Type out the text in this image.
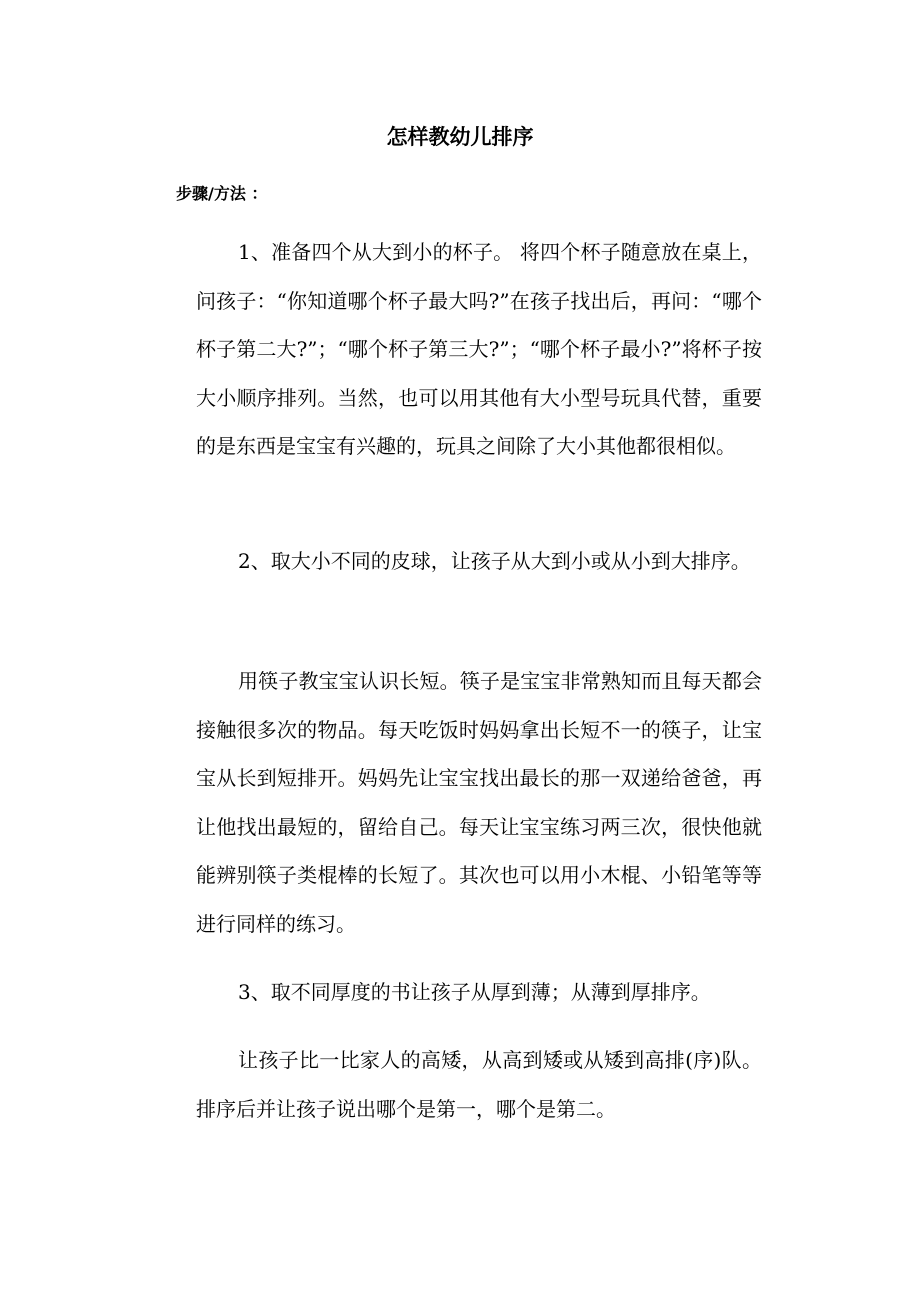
怎样教幼儿排序
步骤/方法 ：

1、准备四个从大到小的杯子。 将四个杯子随意放在桌上，问孩子：“你知道哪个杯子最大吗?”在孩子找出后，再问：“哪个杯子第二大?”；“哪个杯子第三大?”；“哪个杯子最小?”将杯子按大小顺序排列。当然，也可以用其他有大小型号玩具代替，重要的是东西是宝宝有兴趣的，玩具之间除了大小其他都很相似。

2、取大小不同的皮球，让孩子从大到小或从小到大排序。

用筷子教宝宝认识长短。筷子是宝宝非常熟知而且每天都会接触很多次的物品。每天吃饭时妈妈拿出长短不一的筷子，让宝宝从长到短排开。妈妈先让宝宝找出最长的那一双递给爸爸，再让他找出最短的，留给自己。每天让宝宝练习两三次，很快他就能辨别筷子类棍棒的长短了。其次也可以用小木棍、小铅笔等等进行同样的练习。

3、取不同厚度的书让孩子从厚到薄；从薄到厚排序。

让孩子比一比家人的高矮，从高到矮或从矮到高排(序)队。排序后并让孩子说出哪个是第一，哪个是第二。
